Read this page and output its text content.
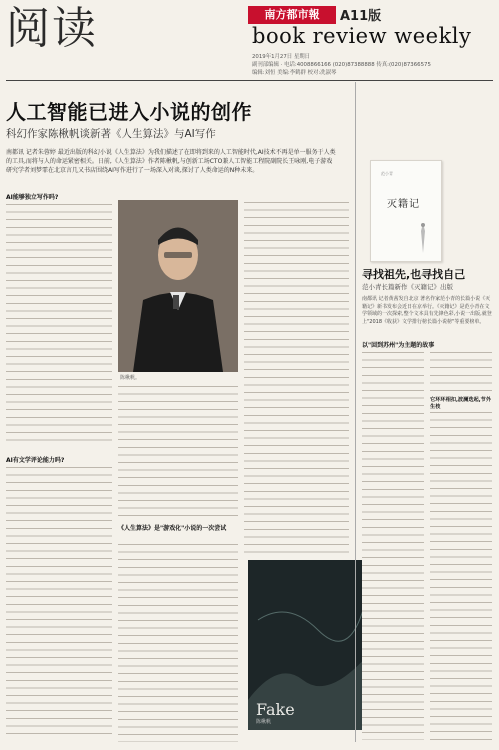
阅读	南方都市報	A11版
book review weekly
2019年1月27日 星期日
副刊部编辑 · 电话:4008866166 (020)87388888 传真:(020)87366575
编辑:刘恒 美编:李鹤群 校对:冼淑琴
人工智能已进入小说的创作
科幻作家陈楸帆谈新著《人生算法》与AI写作
南都讯 记者朱蓉婷 最近出版的科幻小说《人生算法》为我们描述了在即将到来的人工智能时代,AI技术不再是单一服务于人类的工具,而将与人的命运紧密相关。日前,《人生算法》作者陈楸帆,与创新工场CTO兼人工智能工程院副院长王咏刚,电子游戏研究学者刘梦霏在北京言几又书店围绕AI写作进行了一场深入对谈,探讨了人类命运的N种未来。
AI能够独立写作吗?
AI有文学评论能力吗?
陈楸帆。
《人生算法》是"游戏化"小说的一次尝试
Fake
陈楸帆
范小青
灭籍记
寻找祖先,也寻找自己
范小青长篇新作《灭籍记》出版
南都讯 记者黄茜发自北京 著名作家范小青的长篇小说《灭籍记》新书发布会近日在京举行。《灭籍记》是范小青在文学领域的一次探索,整个文本具有先锋色彩,小说一出版,就登上"2018《收获》文学排行榜长篇小说榜"等重要榜单。
以"回到苏州"为主题的故事
它环环相扣,波澜迭起,节外生枝
